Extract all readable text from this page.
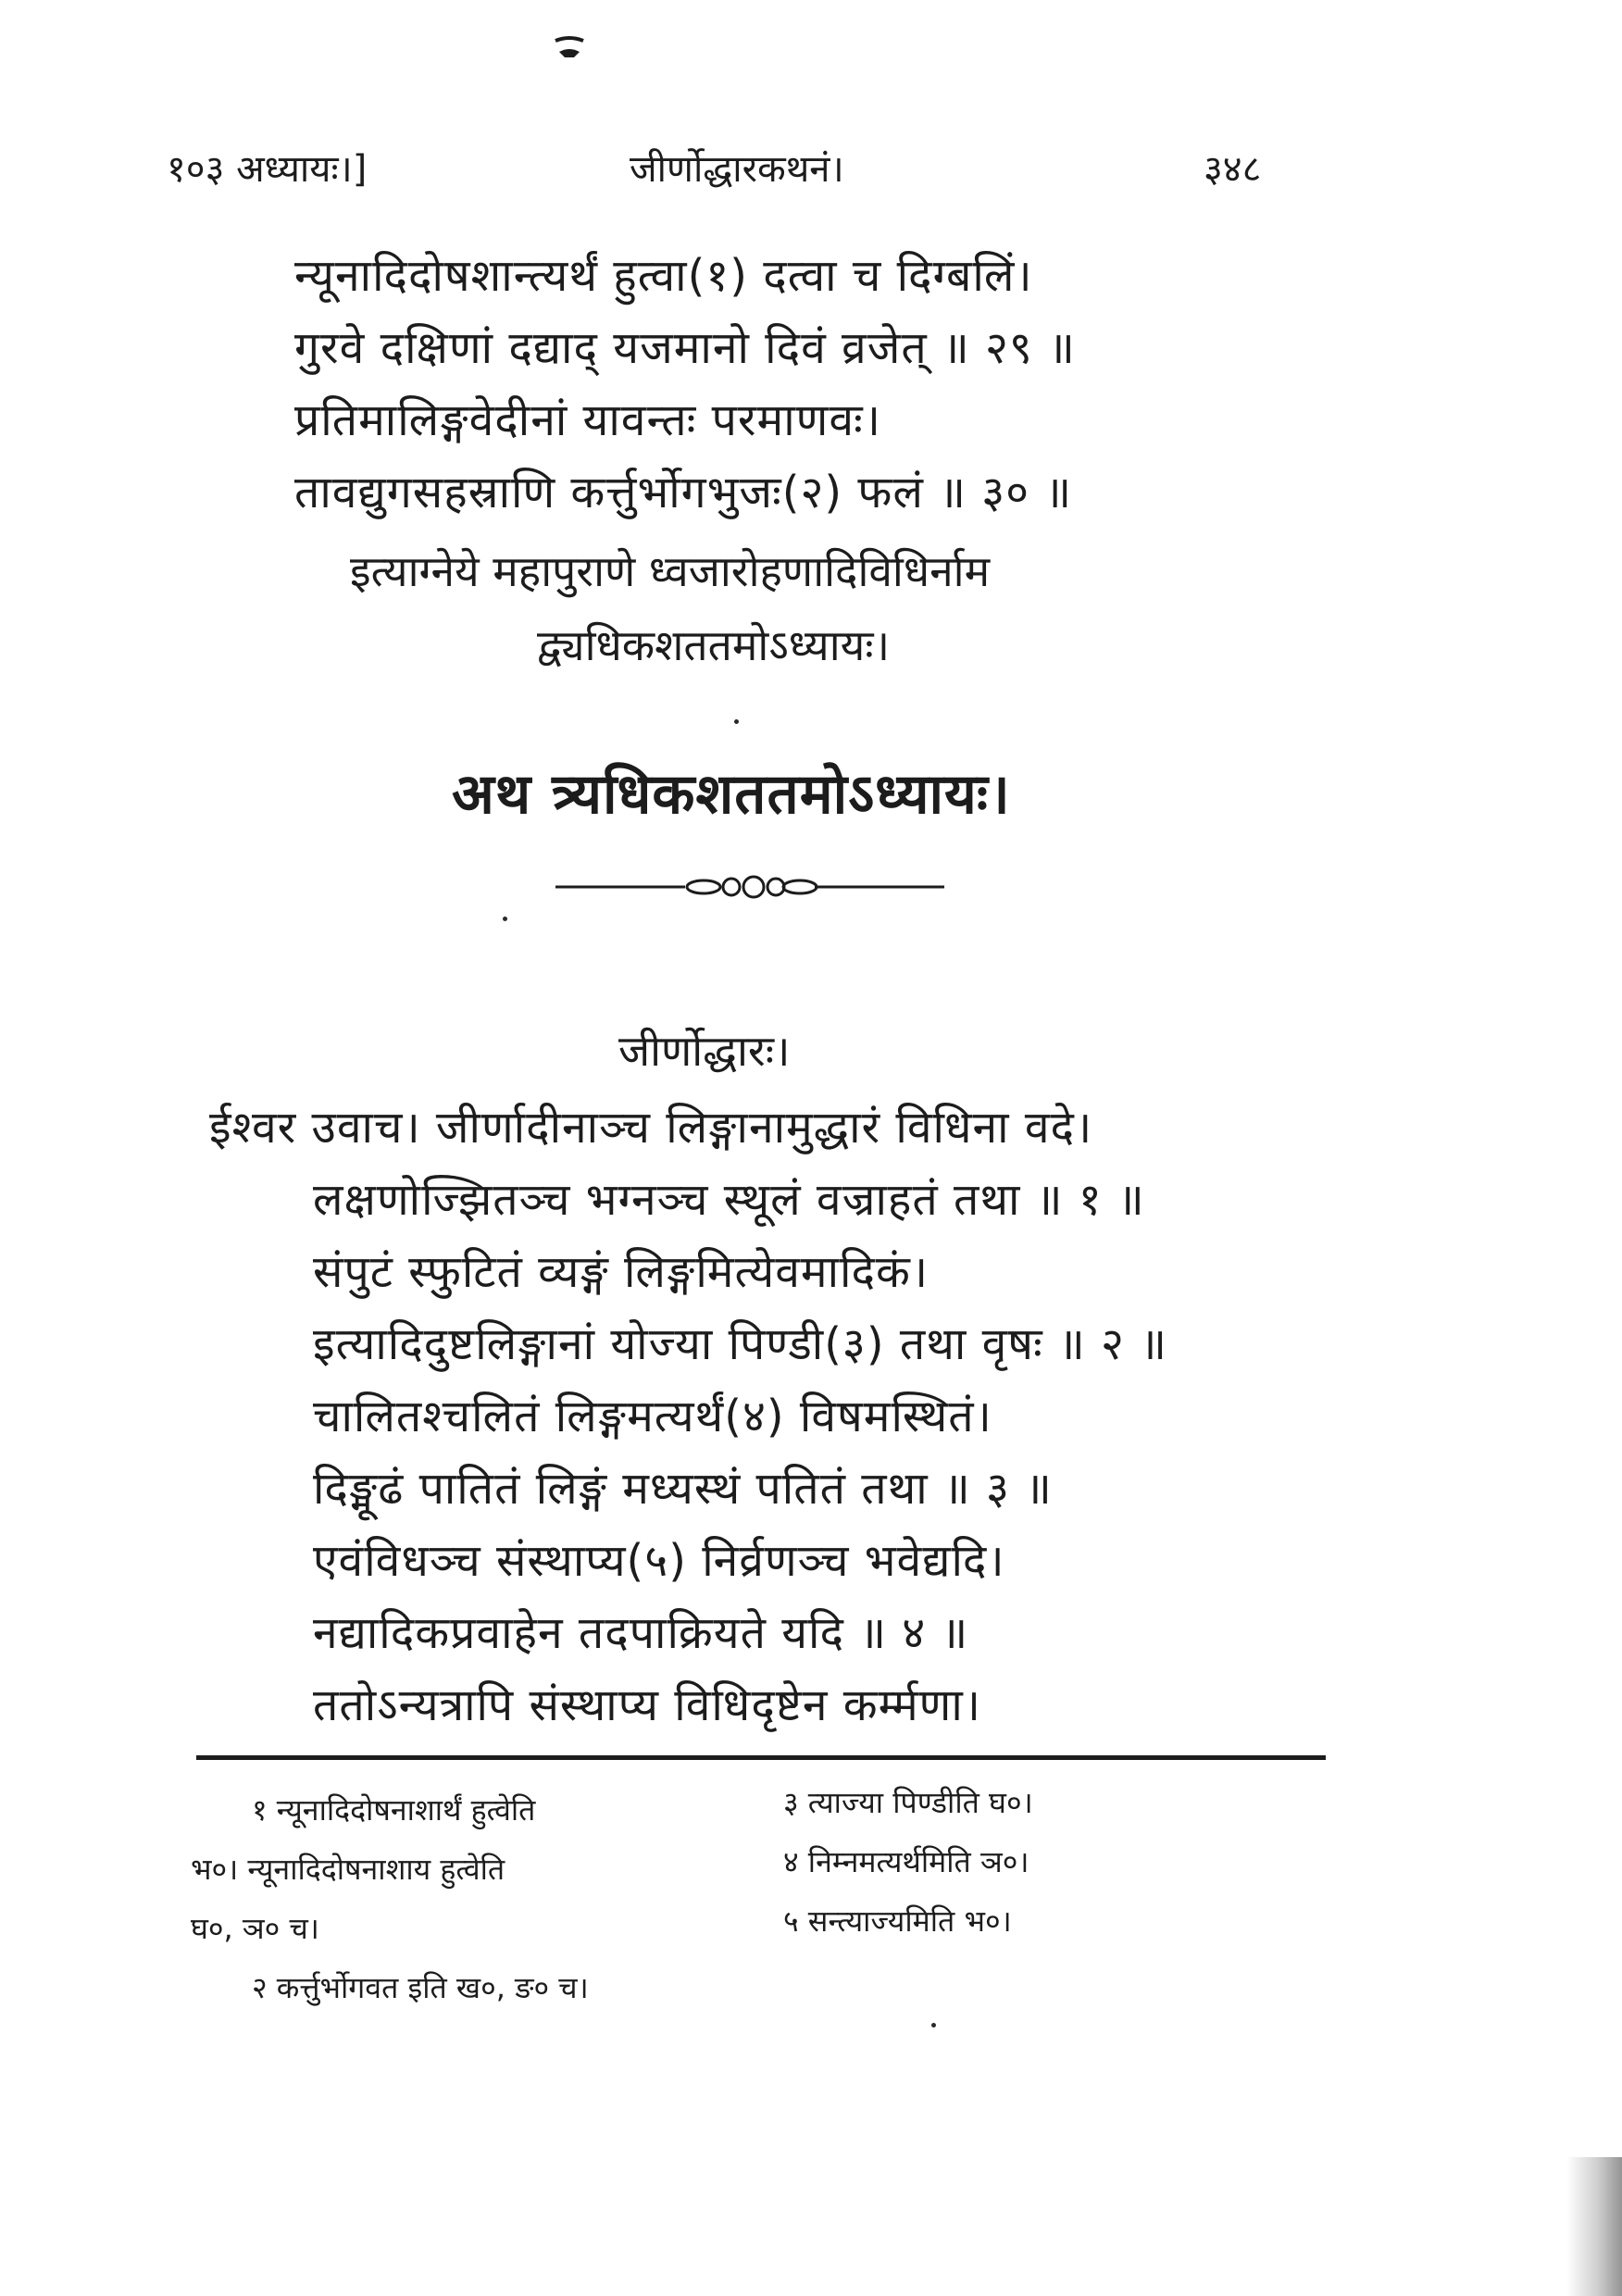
१०३ अध्यायः।]	जीर्णोद्धारकथनं।	३४८
न्यूनादिदोषशान्त्यर्थं हुत्वा(१) दत्वा च दिग्बलिं।
गुरवे दक्षिणां दद्याद् यजमानो दिवं व्रजेत् ॥ २९ ॥
प्रतिमालिङ्गवेदीनां यावन्तः परमाणवः।
तावद्युगसहस्राणि कर्त्तुर्भोगभुजः(२) फलं ॥ ३० ॥
इत्याग्नेये महापुराणे ध्वजारोहणादिविधिर्नाम
द्व्यधिकशततमोऽध्यायः।
अथ त्र्यधिकशततमोऽध्यायः।
जीर्णोद्धारः।
ईश्वर उवाच। जीर्णादीनाञ्च लिङ्गानामुद्धारं विधिना वदे।
लक्षणोज्झितञ्च भग्नञ्च स्थूलं वज्राहतं तथा ॥ १ ॥
संपुटं स्फुटितं व्यङ्गं लिङ्गमित्येवमादिकं।
इत्यादिदुष्टलिङ्गानां योज्या पिण्डी(३) तथा वृषः ॥ २ ॥
चालितश्चलितं लिङ्गमत्यर्थं(४) विषमस्थितं।
दिङ्मूढं पातितं लिङ्गं मध्यस्थं पतितं तथा ॥ ३ ॥
एवंविधञ्च संस्थाप्य(५) निर्व्रणञ्च भवेद्यदि।
नद्यादिकप्रवाहेन तदपाक्रियते यदि ॥ ४ ॥
ततोऽन्यत्रापि संस्थाप्य विधिदृष्टेन कर्म्मणा।
१ न्यूनादिदोषनाशार्थं हुत्वेति
भ०। न्यूनादिदोषनाशाय हुत्वेति
घ०, ञ० च।
२ कर्त्तुर्भोगवत इति ख०, ङ० च।
३ त्याज्या पिण्डीति घ०।
४ निम्नमत्यर्थमिति ञ०।
५ सन्त्याज्यमिति भ०।
